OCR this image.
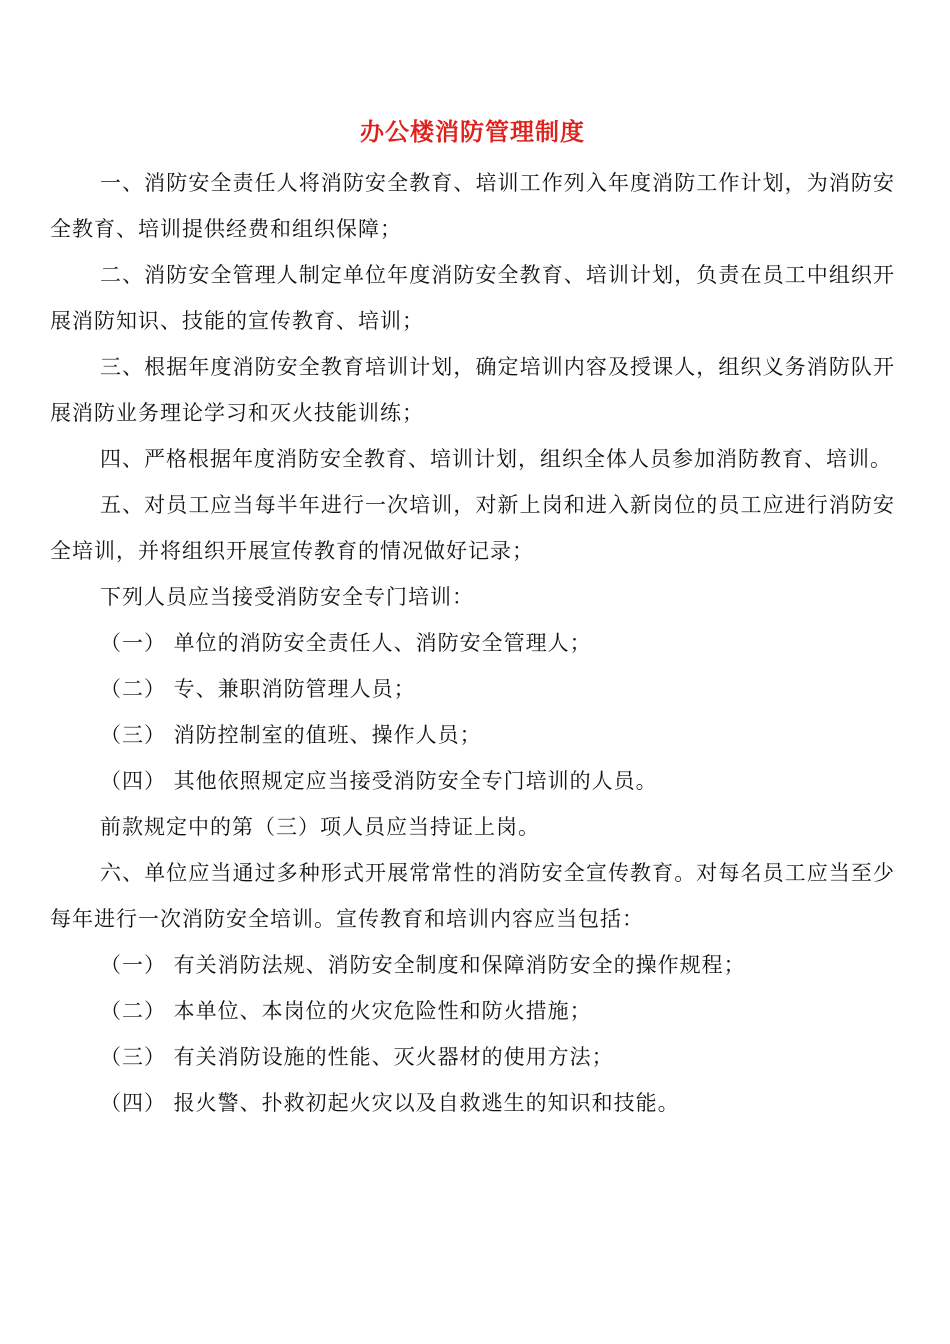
办公楼消防管理制度

一、消防安全责任人将消防安全教育、培训工作列入年度消防工作计划，为消防安全教育、培训提供经费和组织保障；

二、消防安全管理人制定单位年度消防安全教育、培训计划，负责在员工中组织开展消防知识、技能的宣传教育、培训；

三、根据年度消防安全教育培训计划，确定培训内容及授课人，组织义务消防队开展消防业务理论学习和灭火技能训练；

四、严格根据年度消防安全教育、培训计划，组织全体人员参加消防教育、培训。

五、对员工应当每半年进行一次培训，对新上岗和进入新岗位的员工应进行消防安全培训，并将组织开展宣传教育的情况做好记录；

下列人员应当接受消防安全专门培训：

（一） 单位的消防安全责任人、消防安全管理人；

（二） 专、兼职消防管理人员；

（三） 消防控制室的值班、操作人员；

（四） 其他依照规定应当接受消防安全专门培训的人员。

前款规定中的第（三）项人员应当持证上岗。

六、单位应当通过多种形式开展常常性的消防安全宣传教育。对每名员工应当至少每年进行一次消防安全培训。宣传教育和培训内容应当包括：

（一） 有关消防法规、消防安全制度和保障消防安全的操作规程；

（二） 本单位、本岗位的火灾危险性和防火措施；

（三） 有关消防设施的性能、灭火器材的使用方法；

（四） 报火警、扑救初起火灾以及自救逃生的知识和技能。
